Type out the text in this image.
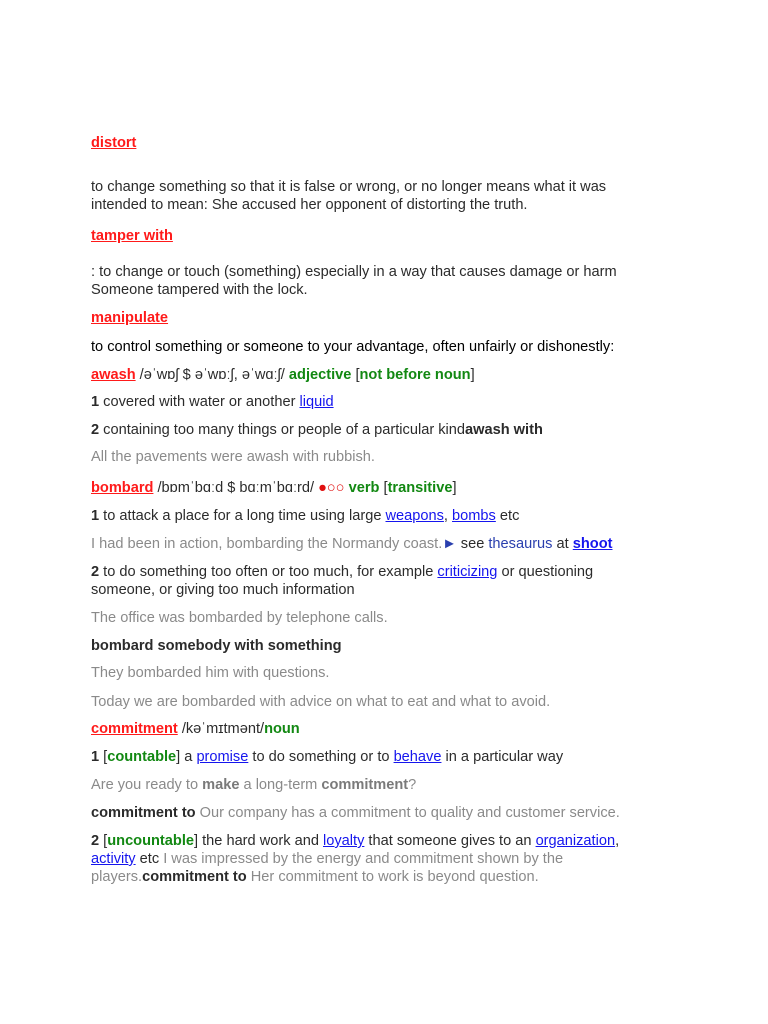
distort
to change something so that it is false or wrong, or no longer means what it was intended to mean: She accused her opponent of distorting the truth.
tamper with
: to change or touch (something) especially in a way that causes damage or harm Someone tampered with the lock.
manipulate
to control something or someone to your advantage, often unfairly or dishonestly:
awash /əˈwɒʃ $ əˈwɒːʃ, əˈwɑːʃ/ adjective [not before noun]
1 covered with water or another liquid
2 containing too many things or people of a particular kindawash with
All the pavements were awash with rubbish.
bombard /bɒmˈbɑːd $ bɑːmˈbɑːrd/ ●○○ verb [transitive]
1 to attack a place for a long time using large weapons, bombs etc
I had been in action, bombarding the Normandy coast.► see thesaurus at shoot
2 to do something too often or too much, for example criticizing or questioning someone, or giving too much information
The office was bombarded by telephone calls.
bombard somebody with something
They bombarded him with questions.
Today we are bombarded with advice on what to eat and what to avoid.
commitment /kəˈmɪtmənt/noun
1 [countable] a promise to do something or to behave in a particular way
Are you ready to make a long-term commitment?
commitment to Our company has a commitment to quality and customer service.
2 [uncountable] the hard work and loyalty that someone gives to an organization, activity etc I was impressed by the energy and commitment shown by the players.commitment to Her commitment to work is beyond question.
